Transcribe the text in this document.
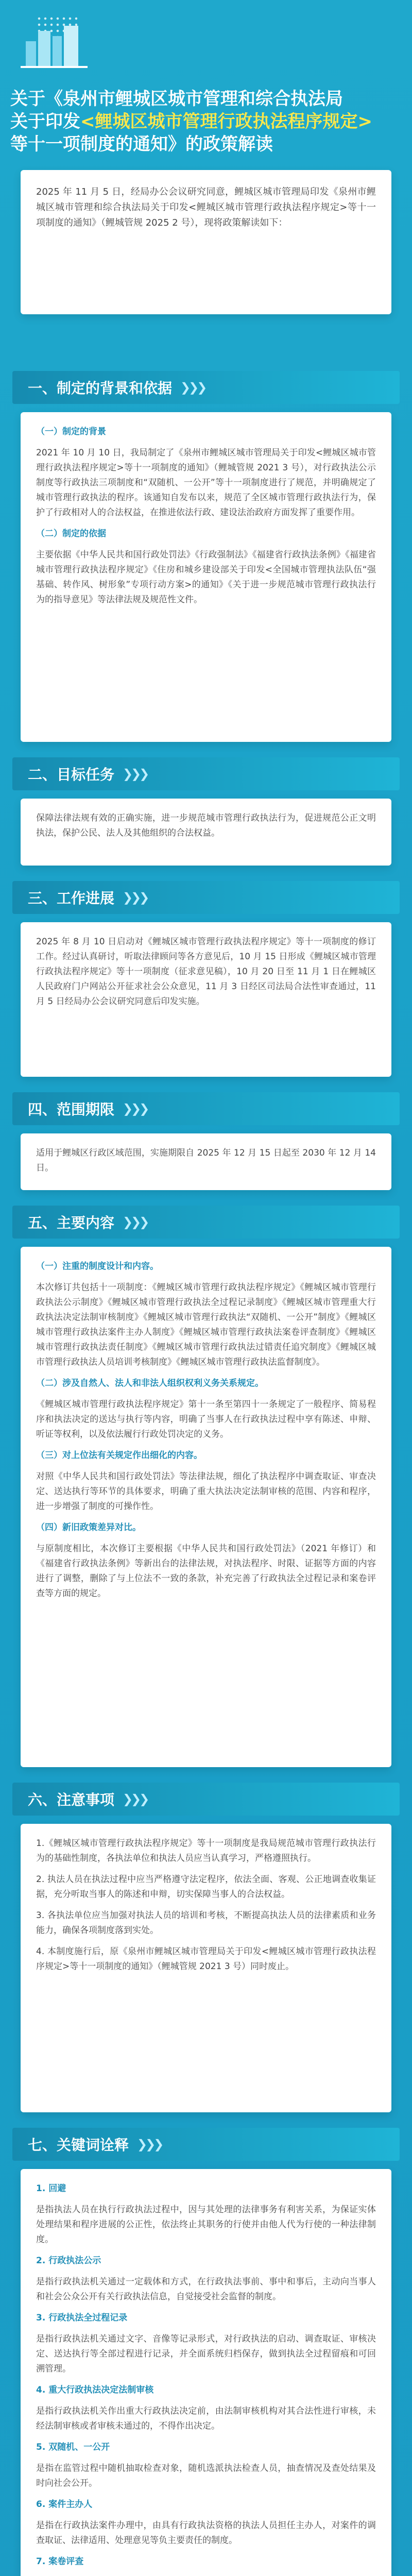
关于《泉州市鲤城区城市管理和综合执法局
关于印发<鲤城区城市管理行政执法程序规定>
等十一项制度的通知》的政策解读
2025 年 11 月 5 日，经局办公会议研究同意，鲤城区城市管理局印发《泉州市鲤城区城市管理和综合执法局关于印发<鲤城区城市管理行政执法程序规定>等十一项制度的通知》（鲤城管规 2025 2 号），现将政策解读如下：
一、制定的背景和依据 ❯❯❯

（一）制定的背景

2021 年 10 月 10 日，我局制定了《泉州市鲤城区城市管理局关于印发<鲤城区城市管理行政执法程序规定>等十一项制度的通知》（鲤城管规 2021 3 号），对行政执法公示制度等行政执法三项制度和“双随机、一公开”等十一项制度进行了规范，并明确规定了城市管理行政执法的程序。该通知自发布以来，规范了全区城市管理行政执法行为，保护了行政相对人的合法权益，在推进依法行政、建设法治政府方面发挥了重要作用。

（二）制定的依据

主要依据《中华人民共和国行政处罚法》《行政强制法》《福建省行政执法条例》《福建省城市管理行政执法程序规定》《住房和城乡建设部关于印发<全国城市管理执法队伍“强基础、转作风、树形象”专项行动方案>的通知》《关于进一步规范城市管理行政执法行为的指导意见》等法律法规及规范性文件。

二、目标任务 ❯❯❯

保障法律法规有效的正确实施，进一步规范城市管理行政执法行为，促进规范公正文明执法，保护公民、法人及其他组织的合法权益。

三、工作进展 ❯❯❯

2025 年 8 月 10 日启动对《鲤城区城市管理行政执法程序规定》等十一项制度的修订工作。经过认真研讨，听取法律顾问等各方意见后，10 月 15 日形成《鲤城区城市管理行政执法程序规定》等十一项制度（征求意见稿），10 月 20 日至 11 月 1 日在鲤城区人民政府门户网站公开征求社会公众意见，11 月 3 日经区司法局合法性审查通过，11 月 5 日经局办公会议研究同意后印发实施。

四、范围期限 ❯❯❯

适用于鲤城区行政区域范围，实施期限自 2025 年 12 月 15 日起至 2030 年 12 月 14 日。

五、主要内容 ❯❯❯

（一）注重的制度设计和内容。

本次修订共包括十一项制度：《鲤城区城市管理行政执法程序规定》《鲤城区城市管理行政执法公示制度》《鲤城区城市管理行政执法全过程记录制度》《鲤城区城市管理重大行政执法决定法制审核制度》《鲤城区城市管理行政执法“双随机、一公开”制度》《鲤城区城市管理行政执法案件主办人制度》《鲤城区城市管理行政执法案卷评查制度》《鲤城区城市管理行政执法责任制度》《鲤城区城市管理行政执法过错责任追究制度》《鲤城区城市管理行政执法人员培训考核制度》《鲤城区城市管理行政执法监督制度》。

（二）涉及自然人、法人和非法人组织权利义务关系规定。

《鲤城区城市管理行政执法程序规定》第十一条至第四十一条规定了一般程序、简易程序和执法决定的送达与执行等内容，明确了当事人在行政执法过程中享有陈述、申辩、听证等权利，以及依法履行行政处罚决定的义务。

（三）对上位法有关规定作出细化的内容。

对照《中华人民共和国行政处罚法》等法律法规，细化了执法程序中调查取证、审查决定、送达执行等环节的具体要求，明确了重大执法决定法制审核的范围、内容和程序，进一步增强了制度的可操作性。

（四）新旧政策差异对比。

与原制度相比，本次修订主要根据《中华人民共和国行政处罚法》（2021 年修订）和《福建省行政执法条例》等新出台的法律法规，对执法程序、时限、证据等方面的内容进行了调整，删除了与上位法不一致的条款，补充完善了行政执法全过程记录和案卷评查等方面的规定。

六、注意事项 ❯❯❯

1.《鲤城区城市管理行政执法程序规定》等十一项制度是我局规范城市管理行政执法行为的基础性制度，各执法单位和执法人员应当认真学习，严格遵照执行。

2. 执法人员在执法过程中应当严格遵守法定程序，依法全面、客观、公正地调查收集证据，充分听取当事人的陈述和申辩，切实保障当事人的合法权益。

3. 各执法单位应当加强对执法人员的培训和考核，不断提高执法人员的法律素质和业务能力，确保各项制度落到实处。

4. 本制度施行后，原《泉州市鲤城区城市管理局关于印发<鲤城区城市管理行政执法程序规定>等十一项制度的通知》（鲤城管规 2021 3 号）同时废止。

七、关键词诠释 ❯❯❯

1. 回避

是指执法人员在执行行政执法过程中，因与其处理的法律事务有利害关系，为保证实体处理结果和程序进展的公正性，依法终止其职务的行使并由他人代为行使的一种法律制度。

2. 行政执法公示

是指行政执法机关通过一定载体和方式，在行政执法事前、事中和事后，主动向当事人和社会公众公开有关行政执法信息，自觉接受社会监督的制度。

3. 行政执法全过程记录

是指行政执法机关通过文字、音像等记录形式，对行政执法的启动、调查取证、审核决定、送达执行等全部过程进行记录，并全面系统归档保存，做到执法全过程留痕和可回溯管理。

4. 重大行政执法决定法制审核

是指行政执法机关作出重大行政执法决定前，由法制审核机构对其合法性进行审核，未经法制审核或者审核未通过的，不得作出决定。

5. 双随机、一公开

是指在监管过程中随机抽取检查对象，随机选派执法检查人员，抽查情况及查处结果及时向社会公开。

6. 案件主办人

是指在行政执法案件办理中，由具有行政执法资格的执法人员担任主办人，对案件的调查取证、法律适用、处理意见等负主要责任的制度。

7. 案卷评查
